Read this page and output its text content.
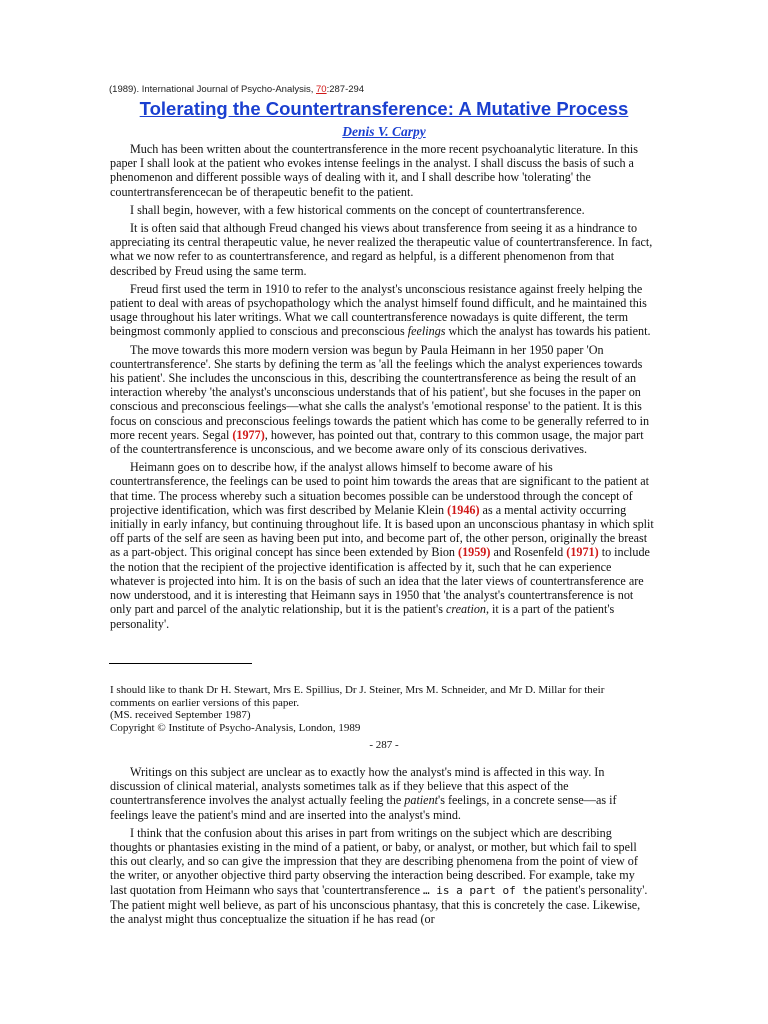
(1989). International Journal of Psycho-Analysis, 70:287-294
Tolerating the Countertransference: A Mutative Process
Denis V. Carpy

Much has been written about the countertransference in the more recent psychoanalytic literature. In this paper I shall look at the patient who evokes intense feelings in the analyst. I shall discuss the basis of such a phenomenon and different possible ways of dealing with it, and I shall describe how 'tolerating' the countertransferencecan be of therapeutic benefit to the patient.

I shall begin, however, with a few historical comments on the concept of countertransference.

It is often said that although Freud changed his views about transference from seeing it as a hindrance to appreciating its central therapeutic value, he never realized the therapeutic value of countertransference. In fact, what we now refer to as countertransference, and regard as helpful, is a different phenomenon from that described by Freud using the same term.

Freud first used the term in 1910 to refer to the analyst's unconscious resistance against freely helping the patient to deal with areas of psychopathology which the analyst himself found difficult, and he maintained this usage throughout his later writings. What we call countertransference nowadays is quite different, the term beingmost commonly applied to conscious and preconscious feelings which the analyst has towards his patient.

The move towards this more modern version was begun by Paula Heimann in her 1950 paper 'On countertransference'. She starts by defining the term as 'all the feelings which the analyst experiences towards his patient'. She includes the unconscious in this, describing the countertransference as being the result of an interaction whereby 'the analyst's unconscious understands that of his patient', but she focuses in the paper on conscious and preconscious feelings—what she calls the analyst's 'emotional response' to the patient. It is this focus on conscious and preconscious feelings towards the patient which has come to be generally referred to in more recent years. Segal (1977), however, has pointed out that, contrary to this common usage, the major part of the countertransference is unconscious, and we become aware only of its conscious derivatives.

Heimann goes on to describe how, if the analyst allows himself to become aware of his countertransference, the feelings can be used to point him towards the areas that are significant to the patient at that time. The process whereby such a situation becomes possible can be understood through the concept of projective identification, which was first described by Melanie Klein (1946) as a mental activity occurring initially in early infancy, but continuing throughout life. It is based upon an unconscious phantasy in which split off parts of the self are seen as having been put into, and become part of, the other person, originally the breast as a part-object. This original concept has since been extended by Bion (1959) and Rosenfeld (1971) to include the notion that the recipient of the projective identification is affected by it, such that he can experience whatever is projected into him. It is on the basis of such an idea that the later views of countertransference are now understood, and it is interesting that Heimann says in 1950 that 'the analyst's countertransference is not only part and parcel of the analytic relationship, but it is the patient's creation, it is a part of the patient's personality'.

I should like to thank Dr H. Stewart, Mrs E. Spillius, Dr J. Steiner, Mrs M. Schneider, and Mr D. Millar for their comments on earlier versions of this paper.
(MS. received September 1987)
Copyright © Institute of Psycho-Analysis, London, 1989
- 287 -

Writings on this subject are unclear as to exactly how the analyst's mind is affected in this way. In discussion of clinical material, analysts sometimes talk as if they believe that this aspect of the countertransference involves the analyst actually feeling the patient's feelings, in a concrete sense—as if feelings leave the patient's mind and are inserted into the analyst's mind.

I think that the confusion about this arises in part from writings on the subject which are describing thoughts or phantasies existing in the mind of a patient, or baby, or analyst, or mother, but which fail to spell this out clearly, and so can give the impression that they are describing phenomena from the point of view of the writer, or anyother objective third party observing the interaction being described. For example, take my last quotation from Heimann who says that 'countertransference … is a part of the patient's personality'. The patient might well believe, as part of his unconscious phantasy, that this is concretely the case. Likewise, the analyst might thus conceptualize the situation if he has read (or
